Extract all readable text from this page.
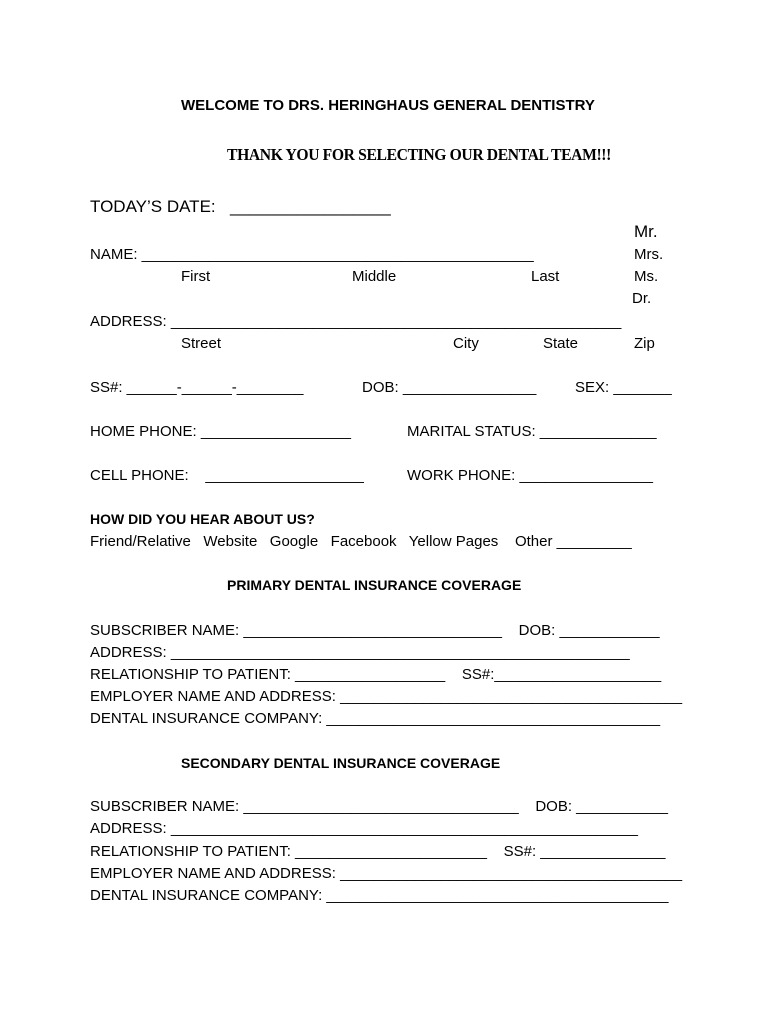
WELCOME TO DRS. HERINGHAUS GENERAL DENTISTRY
THANK YOU FOR SELECTING OUR DENTAL TEAM!!!
TODAY’S DATE: _________________
NAME: _______________________________________________
First	Middle	Last
Mr.
Mrs.
Ms.
Dr.
ADDRESS: ______________________________________________________
Street	City	State	Zip
SS#: ______-______-________	DOB: ________________	SEX: _______
HOME PHONE: __________________	MARITAL STATUS: ______________
CELL PHONE:    ___________________	WORK PHONE: ________________
HOW DID YOU HEAR ABOUT US?
Friend/Relative   Website   Google   Facebook   Yellow Pages    Other _________
PRIMARY DENTAL INSURANCE COVERAGE
SUBSCRIBER NAME: _______________________________    DOB: ____________
ADDRESS: _______________________________________________________
RELATIONSHIP TO PATIENT: __________________    SS#:____________________
EMPLOYER NAME AND ADDRESS: _________________________________________
DENTAL INSURANCE COMPANY: ________________________________________
SECONDARY DENTAL INSURANCE COVERAGE
SUBSCRIBER NAME: _________________________________    DOB: ___________
ADDRESS: ________________________________________________________
RELATIONSHIP TO PATIENT: _______________________    SS#: _______________
EMPLOYER NAME AND ADDRESS: _________________________________________
DENTAL INSURANCE COMPANY: _________________________________________
